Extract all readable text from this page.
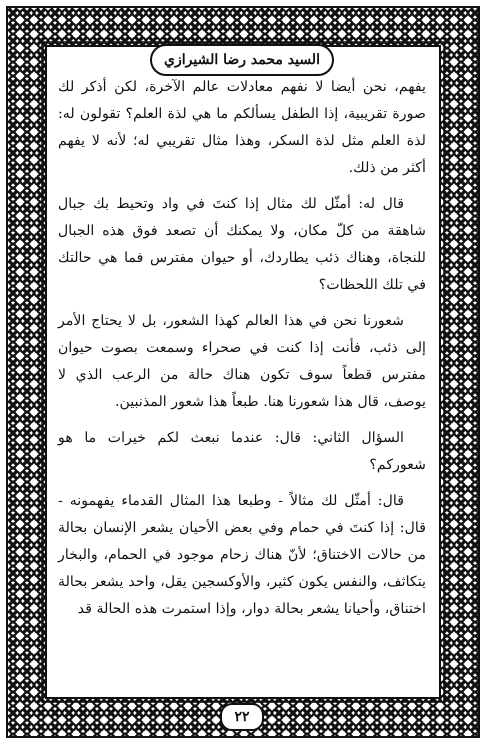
السيد محمد رضا الشيرازي

يفهم، نحن أيضا لا نفهم معادلات عالم الآخرة، لكن أذكر لك صورة تقريبية، إذا الطفل يسألكم ما هي لذة العلم؟ تقولون له: لذة العلم مثل لذة السكر، وهذا مثال تقريبي له؛ لأنه لا يفهم أكثر من ذلك.

قال له: أمثّل لك مثال إذا كنتَ في واد وتحيط بك جبال شاهقة من كلّ مكان، ولا يمكنك أن تصعد فوق هذه الجبال للنجاة، وهناك ذئب يطاردك، أو حيوان مفترس فما هي حالتك في تلك اللحظات؟

شعورنا نحن في هذا العالم كهذا الشعور، بل لا يحتاج الأمر إلى ذئب، فأنت إذا كنت في صحراء وسمعت بصوت حيوان مفترس قطعاً سوف تكون هناك حالة من الرعب الذي لا يوصف، قال هذا شعورنا هنا. طبعاً هذا شعور المذنبين.

السؤال الثاني: قال: عندما نبعث لكم خيرات ما هو شعوركم؟

قال: أمثّل لك مثالاً - وطبعا هذا المثال القدماء يفهمونه - قال: إذا كنتَ في حمام وفي بعض الأحيان يشعر الإنسان بحالة من حالات الاختناق؛ لأنّ هناك زحام موجود في الحمام، والبخار يتكاثف، والنفس يكون كثير، والأوكسجين يقل، واحد يشعر بحالة اختناق، وأحيانا يشعر بحالة دوار، وإذا استمرت هذه الحالة قد

٢٢
